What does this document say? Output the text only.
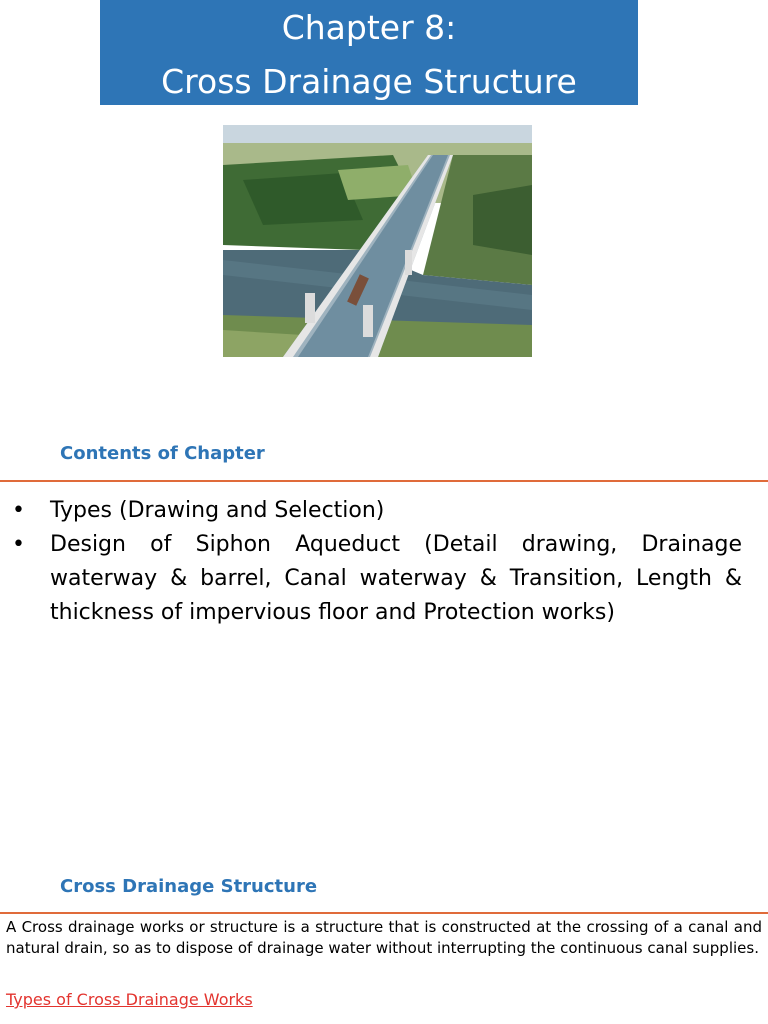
Chapter 8:
Cross Drainage Structure
Contents of Chapter
• Types (Drawing and Selection)
• Design of Siphon Aqueduct (Detail drawing, Drainage waterway & barrel, Canal waterway & Transition, Length & thickness of impervious floor and Protection works)
Cross Drainage Structure

A Cross drainage works or structure is a structure that is constructed at the crossing of a canal and natural drain, so as to dispose of drainage water without interrupting the continuous canal supplies.

Types of Cross Drainage Works
